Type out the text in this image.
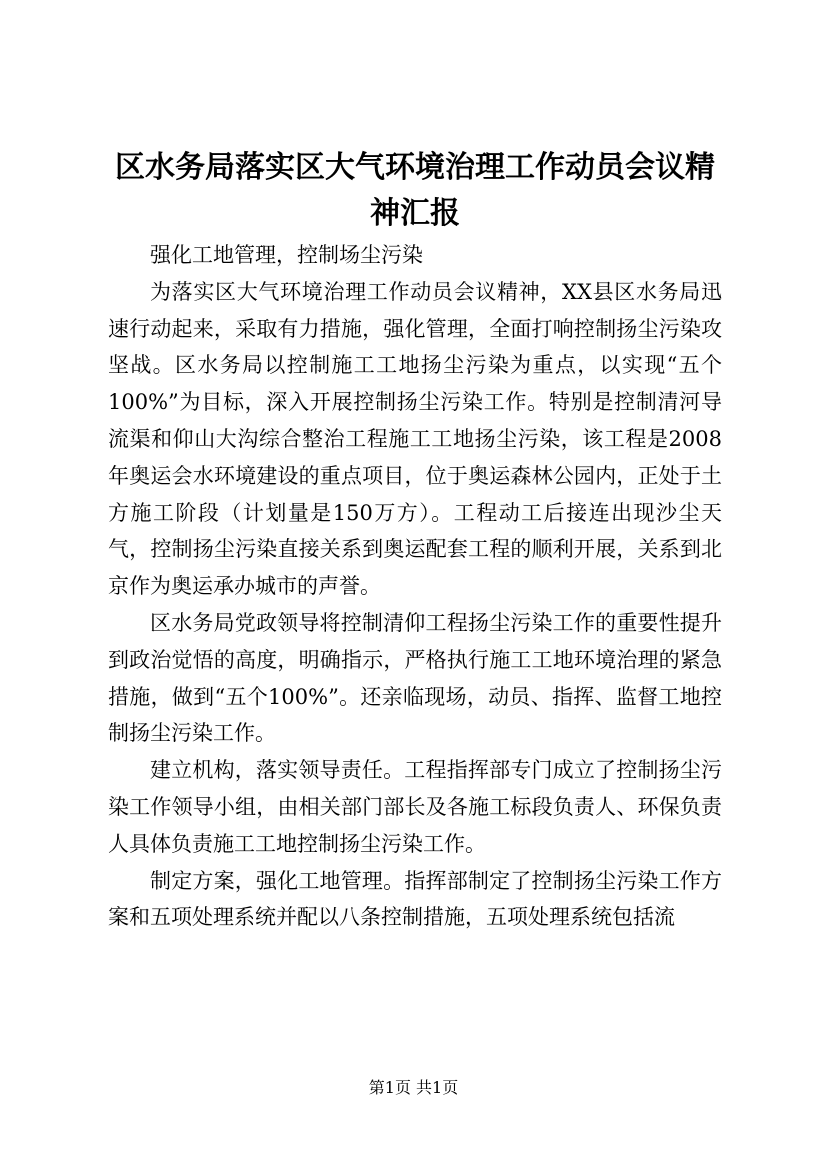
区水务局落实区大气环境治理工作动员会议精神汇报

强化工地管理，控制场尘污染

为落实区大气环境治理工作动员会议精神，XX县区水务局迅速行动起来，采取有力措施，强化管理，全面打响控制扬尘污染攻坚战。区水务局以控制施工工地扬尘污染为重点，以实现“五个100%”为目标，深入开展控制扬尘污染工作。特别是控制清河导流渠和仰山大沟综合整治工程施工工地扬尘污染，该工程是2008年奥运会水环境建设的重点项目，位于奥运森林公园内，正处于土方施工阶段（计划量是150万方）。工程动工后接连出现沙尘天气，控制扬尘污染直接关系到奥运配套工程的顺利开展，关系到北京作为奥运承办城市的声誉。

区水务局党政领导将控制清仰工程扬尘污染工作的重要性提升到政治觉悟的高度，明确指示，严格执行施工工地环境治理的紧急措施，做到“五个100%”。还亲临现场，动员、指挥、监督工地控制扬尘污染工作。

建立机构，落实领导责任。工程指挥部专门成立了控制扬尘污染工作领导小组，由相关部门部长及各施工标段负责人、环保负责人具体负责施工工地控制扬尘污染工作。

制定方案，强化工地管理。指挥部制定了控制扬尘污染工作方案和五项处理系统并配以八条控制措施，五项处理系统包括流

第1页 共1页
